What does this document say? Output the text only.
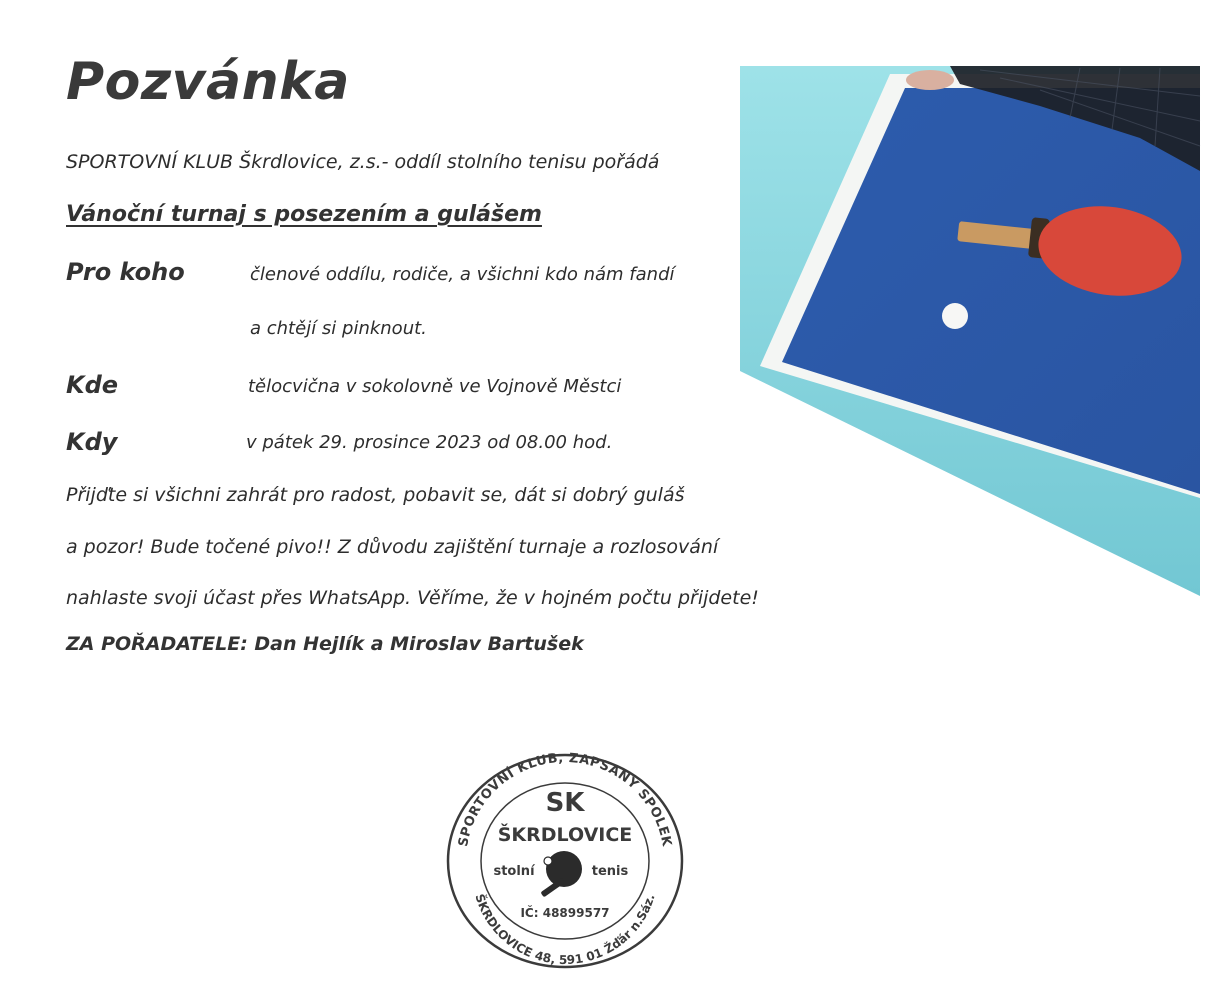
Pozvánka
SPORTOVNÍ KLUB Škrdlovice, z.s.- oddíl stolního tenisu pořádá
Vánoční turnaj s posezením a gulášem
Pro koho	členové oddílu, rodiče, a všichni kdo nám fandí
a chtějí si pinknout.
Kde	tělocvična v sokolovně ve Vojnově Městci
Kdy	v pátek 29. prosince 2023 od 08.00 hod.
Přijďte si všichni zahrát pro radost, pobavit se, dát si dobrý guláš
a pozor! Bude točené pivo!! Z důvodu zajištění turnaje a rozlosování
nahlaste svoji účast přes WhatsApp. Věříme, že v hojném počtu přijdete!
ZA POŘADATELE: Dan Hejlík a Miroslav Bartušek
SPORTOVNÍ KLUB, ZAPSANÝ SPOLEK
ŠKRDLOVICE 48, 591 01 Žďár n.Sáz.
SK
ŠKRDLOVICE
stolní	tenis
IČ: 48899577
